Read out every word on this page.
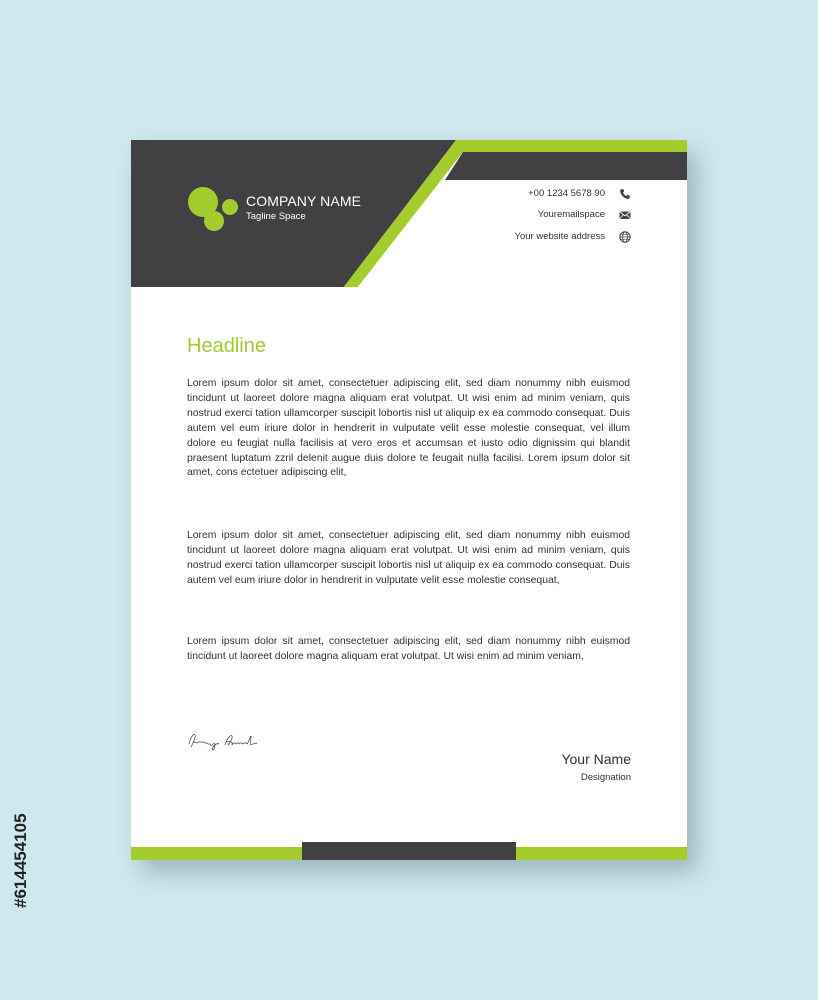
COMPANY NAME
Tagline Space
+00 1234 5678 90
Youremailspace
Your website address
Headline

Lorem ipsum dolor sit amet, consectetuer adipiscing elit, sed diam nonummy nibh euismod tincidunt ut laoreet dolore magna aliquam erat volutpat. Ut wisi enim ad minim veniam, quis nostrud exerci tation ullamcorper suscipit lobortis nisl ut aliquip ex ea commodo consequat. Duis autem vel eum iriure dolor in hendrerit in vulputate velit esse molestie consequat, vel illum dolore eu feugiat nulla facilisis at vero eros et accumsan et iusto odio dignissim qui blandit praesent luptatum zzril delenit augue duis dolore te feugait nulla facilisi. Lorem ipsum dolor sit amet, cons ectetuer adipiscing elit,

Lorem ipsum dolor sit amet, consectetuer adipiscing elit, sed diam nonummy nibh euismod tincidunt ut laoreet dolore magna aliquam erat volutpat. Ut wisi enim ad minim veniam, quis nostrud exerci tation ullamcorper suscipit lobortis nisl ut aliquip ex ea commodo consequat. Duis autem vel eum iriure dolor in hendrerit in vulputate velit esse molestie consequat,

Lorem ipsum dolor sit amet, consectetuer adipiscing elit, sed diam nonummy nibh euismod tincidunt ut laoreet dolore magna aliquam erat volutpat. Ut wisi enim ad minim veniam,

Your Name
Designation
#614454105
